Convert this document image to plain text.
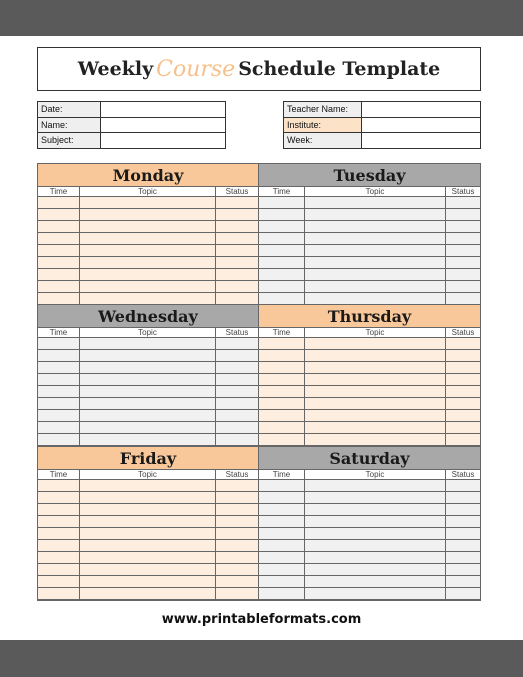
Weekly Course Schedule Template
Date:	
Name:	
Subject:	
Teacher Name:	
Institute:	
Week:	
Monday
Time	Topic	Status
Tuesday
Time	Topic	Status
Wednesday
Time	Topic	Status
Thursday
Time	Topic	Status
Friday
Time	Topic	Status
Saturday
Time	Topic	Status
www.printableformats.com
